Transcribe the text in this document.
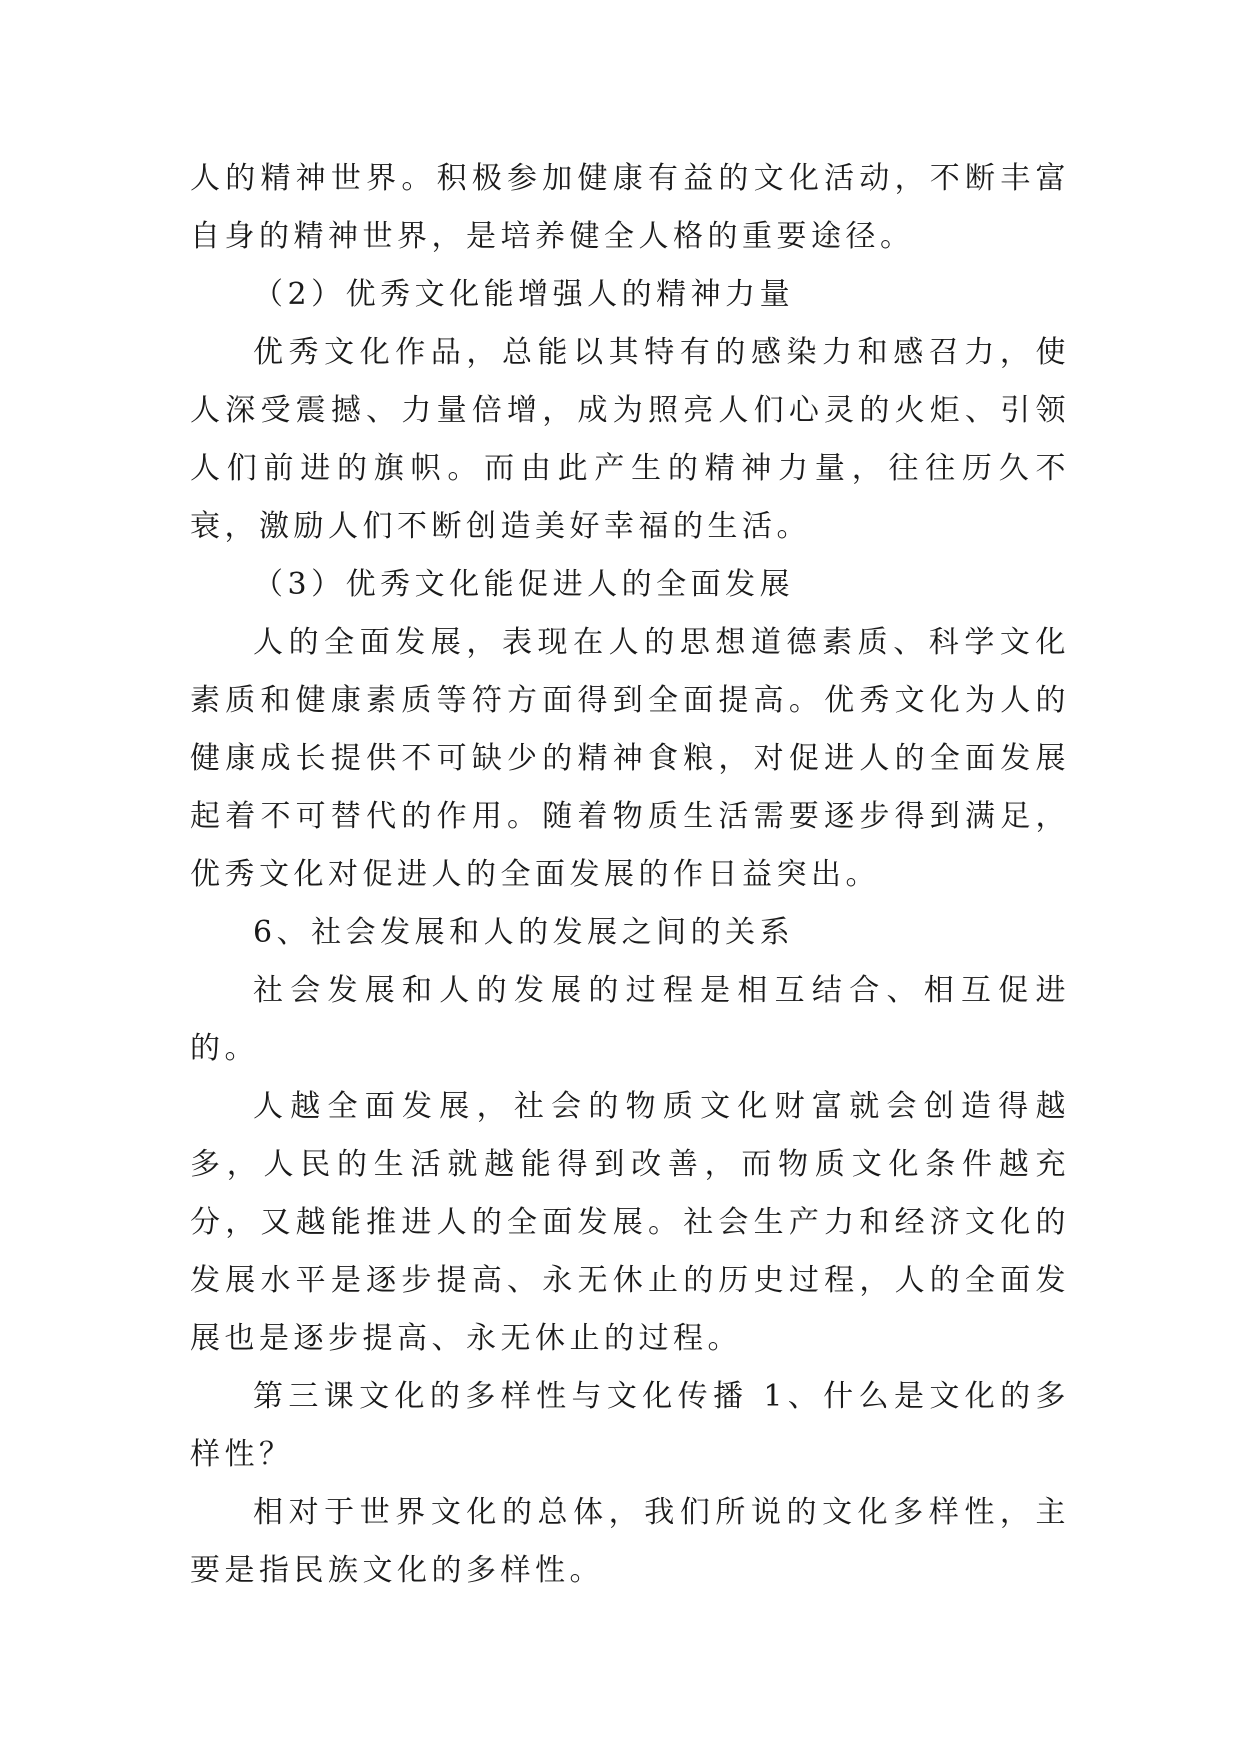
人的精神世界。积极参加健康有益的文化活动，不断丰富自身的精神世界，是培养健全人格的重要途径。

（2）优秀文化能增强人的精神力量

优秀文化作品，总能以其特有的感染力和感召力，使人深受震撼、力量倍增，成为照亮人们心灵的火炬、引领人们前进的旗帜。而由此产生的精神力量，往往历久不衰，激励人们不断创造美好幸福的生活。

（3）优秀文化能促进人的全面发展

人的全面发展，表现在人的思想道德素质、科学文化素质和健康素质等符方面得到全面提高。优秀文化为人的健康成长提供不可缺少的精神食粮，对促进人的全面发展起着不可替代的作用。随着物质生活需要逐步得到满足，优秀文化对促进人的全面发展的作日益突出。

6、社会发展和人的发展之间的关系

社会发展和人的发展的过程是相互结合、相互促进的。

人越全面发展，社会的物质文化财富就会创造得越多，人民的生活就越能得到改善，而物质文化条件越充分，又越能推进人的全面发展。社会生产力和经济文化的发展水平是逐步提高、永无休止的历史过程，人的全面发展也是逐步提高、永无休止的过程。

第三课文化的多样性与文化传播 1、什么是文化的多样性？

相对于世界文化的总体，我们所说的文化多样性，主要是指民族文化的多样性。
